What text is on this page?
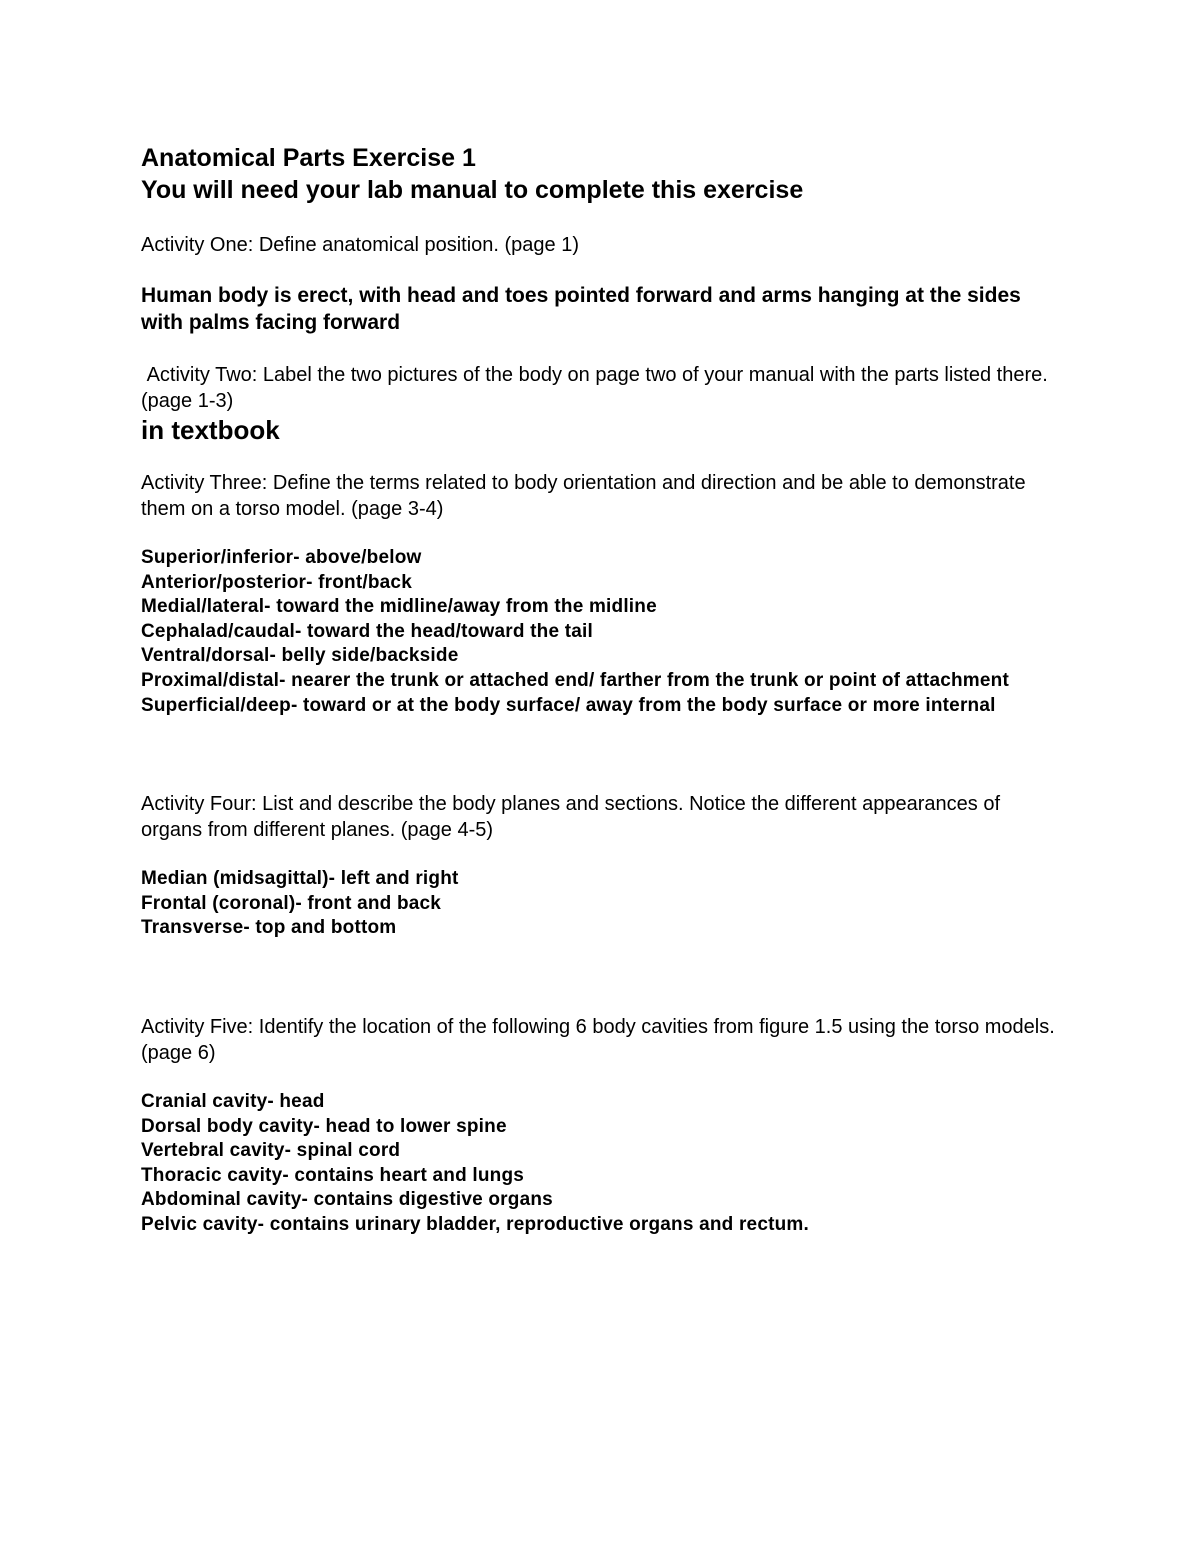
Anatomical Parts Exercise 1

You will need your lab manual to complete this exercise

Activity One: Define anatomical position. (page 1)

Human body is erect, with head and toes pointed forward and arms hanging at the sides with palms facing forward

Activity Two: Label the two pictures of the body on page two of your manual with the parts listed there. (page 1-3)

in textbook

Activity Three: Define the terms related to body orientation and direction and be able to demonstrate them on a torso model. (page 3-4)

Superior/inferior- above/below
Anterior/posterior- front/back
Medial/lateral- toward the midline/away from the midline
Cephalad/caudal- toward the head/toward the tail
Ventral/dorsal- belly side/backside
Proximal/distal- nearer the trunk or attached end/ farther from the trunk or point of attachment
Superficial/deep- toward or at the body surface/ away from the body surface or more internal

Activity Four: List and describe the body planes and sections. Notice the different appearances of organs from different planes. (page 4-5)

Median (midsagittal)- left and right
Frontal (coronal)- front and back
Transverse- top and bottom

Activity Five: Identify the location of the following 6 body cavities from figure 1.5 using the torso models. (page 6)

Cranial cavity- head
Dorsal body cavity- head to lower spine
Vertebral cavity- spinal cord
Thoracic cavity- contains heart and lungs
Abdominal cavity- contains digestive organs
Pelvic cavity- contains urinary bladder, reproductive organs and rectum.
